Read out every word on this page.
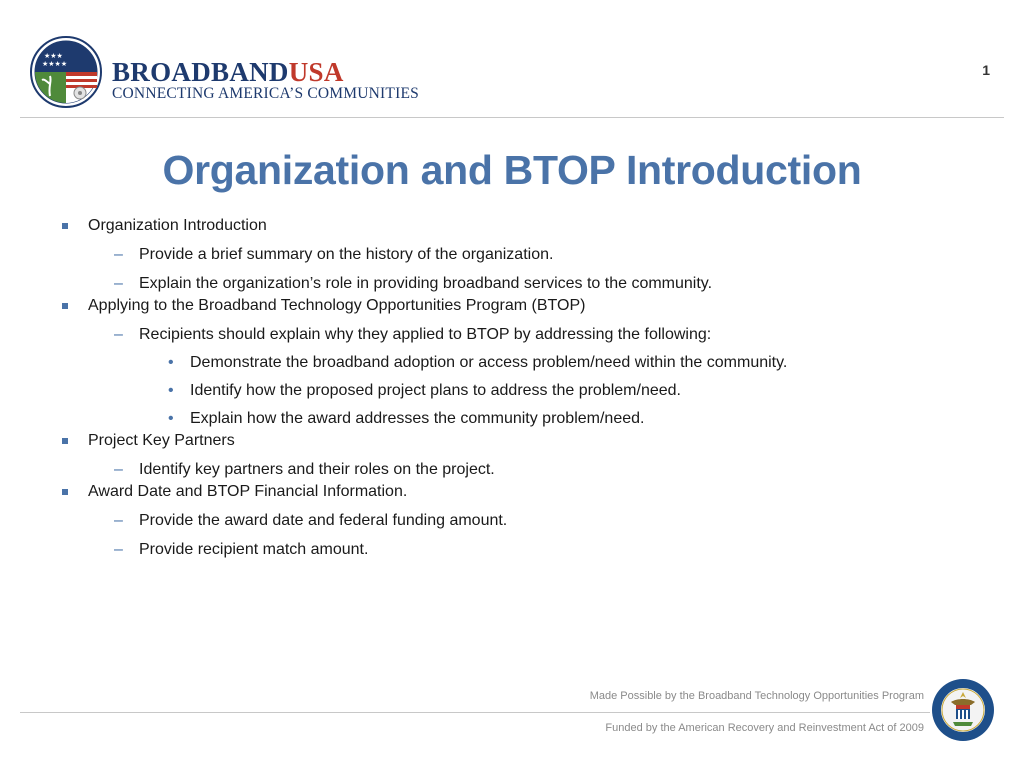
★★★
★★★★ BROADBANDUSA
CONNECTING AMERICA’S COMMUNITIES
1
Organization and BTOP Introduction
Organization Introduction
– Provide a brief summary on the history of the organization.
– Explain the organization’s role in providing broadband services to the community.
Applying to the Broadband Technology Opportunities Program (BTOP)
– Recipients should explain why they applied to BTOP by addressing the following:
• Demonstrate the broadband adoption or access problem/need within the community.
• Identify how the proposed project plans to address the problem/need.
• Explain how the award addresses the community problem/need.
Project Key Partners
– Identify key partners and their roles on the project.
Award Date and BTOP Financial Information.
– Provide the award date and federal funding amount.
– Provide recipient match amount.
Made Possible by the Broadband Technology Opportunities Program
Funded by the American Recovery and Reinvestment Act of 2009
